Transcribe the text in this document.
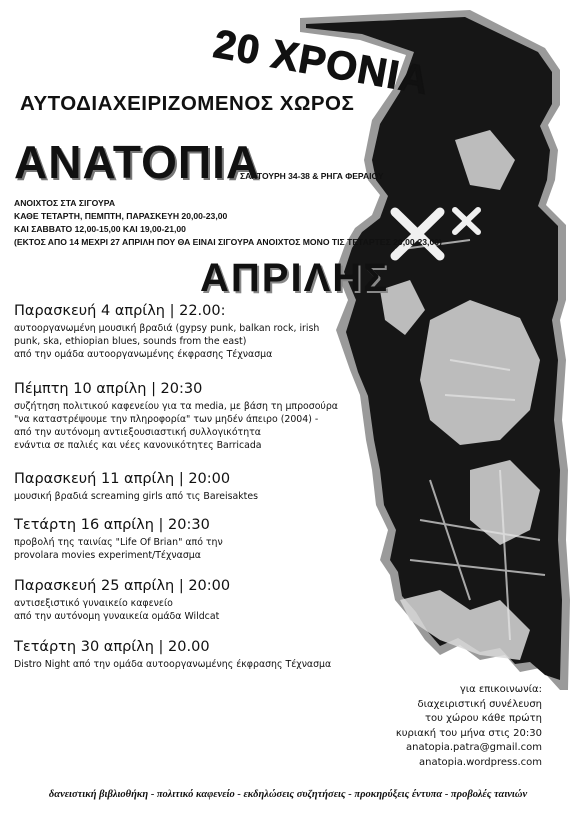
20 ΧΡΟΝΙΑ
ΑΥΤΟΔΙΑΧΕΙΡΙΖΟΜΕΝΟΣ ΧΩΡΟΣ
ΑΝΑΤΟΠΙΑ
ΣΑΧΤΟΥΡΗ 34-38 & ΡΗΓΑ ΦΕΡΑΙΟΥ
ΑΝΟΙΧΤΟΣ ΣΤΑ ΣΙΓΟΥΡΑ
ΚΑΘΕ ΤΕΤΑΡΤΗ, ΠΕΜΠΤΗ, ΠΑΡΑΣΚΕΥΗ 20,00-23,00
ΚΑΙ ΣΑΒΒΑΤΟ 12,00-15,00 ΚΑΙ 19,00-21,00
(ΕΚΤΟΣ ΑΠΟ 14 ΜΕΧΡΙ 27 ΑΠΡΙΛΗ ΠΟΥ ΘΑ ΕΙΝΑΙ ΣΙΓΟΥΡΑ ΑΝΟΙΧΤΟΣ ΜΟΝΟ ΤΙΣ ΤΕΤΑΡΤΕΣ 20,00-23,00)
ΑΠΡΙΛΗΣ
Παρασκευή 4 απρίλη | 22.00:
αυτοοργανωμένη μουσική βραδιά (gypsy punk, balkan rock, irish
punk, ska, ethiopian blues, sounds from the east)
από την ομάδα αυτοοργανωμένης έκφρασης Τέχνασμα
Πέμπτη 10 απρίλη | 20:30
συζήτηση πολιτικού καφενείου για τα media, με βάση τη μπροσούρα
"να καταστρέψουμε την πληροφορία" των μηδέν άπειρο (2004) -
από την αυτόνομη αντιεξουσιαστική συλλογικότητα
ενάντια σε παλιές και νέες κανονικότητες Barricada
Παρασκευή 11 απρίλη | 20:00
μουσική βραδιά screaming girls από τις Bareisaktes
Τετάρτη 16 απρίλη | 20:30
προβολή της ταινίας "Life Of Brian" από την
provolara movies experiment/Τέχνασμα
Παρασκευή 25 απρίλη | 20:00
αντισεξιστικό γυναικείο καφενείο
από την αυτόνομη γυναικεία ομάδα Wildcat
Τετάρτη 30 απρίλη | 20.00
Distro Night από την ομάδα αυτοοργανωμένης έκφρασης Τέχνασμα
για επικοινωνία:
διαχειριστική συνέλευση
του χώρου κάθε πρώτη
κυριακή του μήνα στις 20:30
anatopia.patra@gmail.com
anatopia.wordpress.com
δανειστική βιβλιοθήκη - πολιτικό καφενείο - εκδηλώσεις συζητήσεις - προκηρύξεις έντυπα - προβολές ταινιών
